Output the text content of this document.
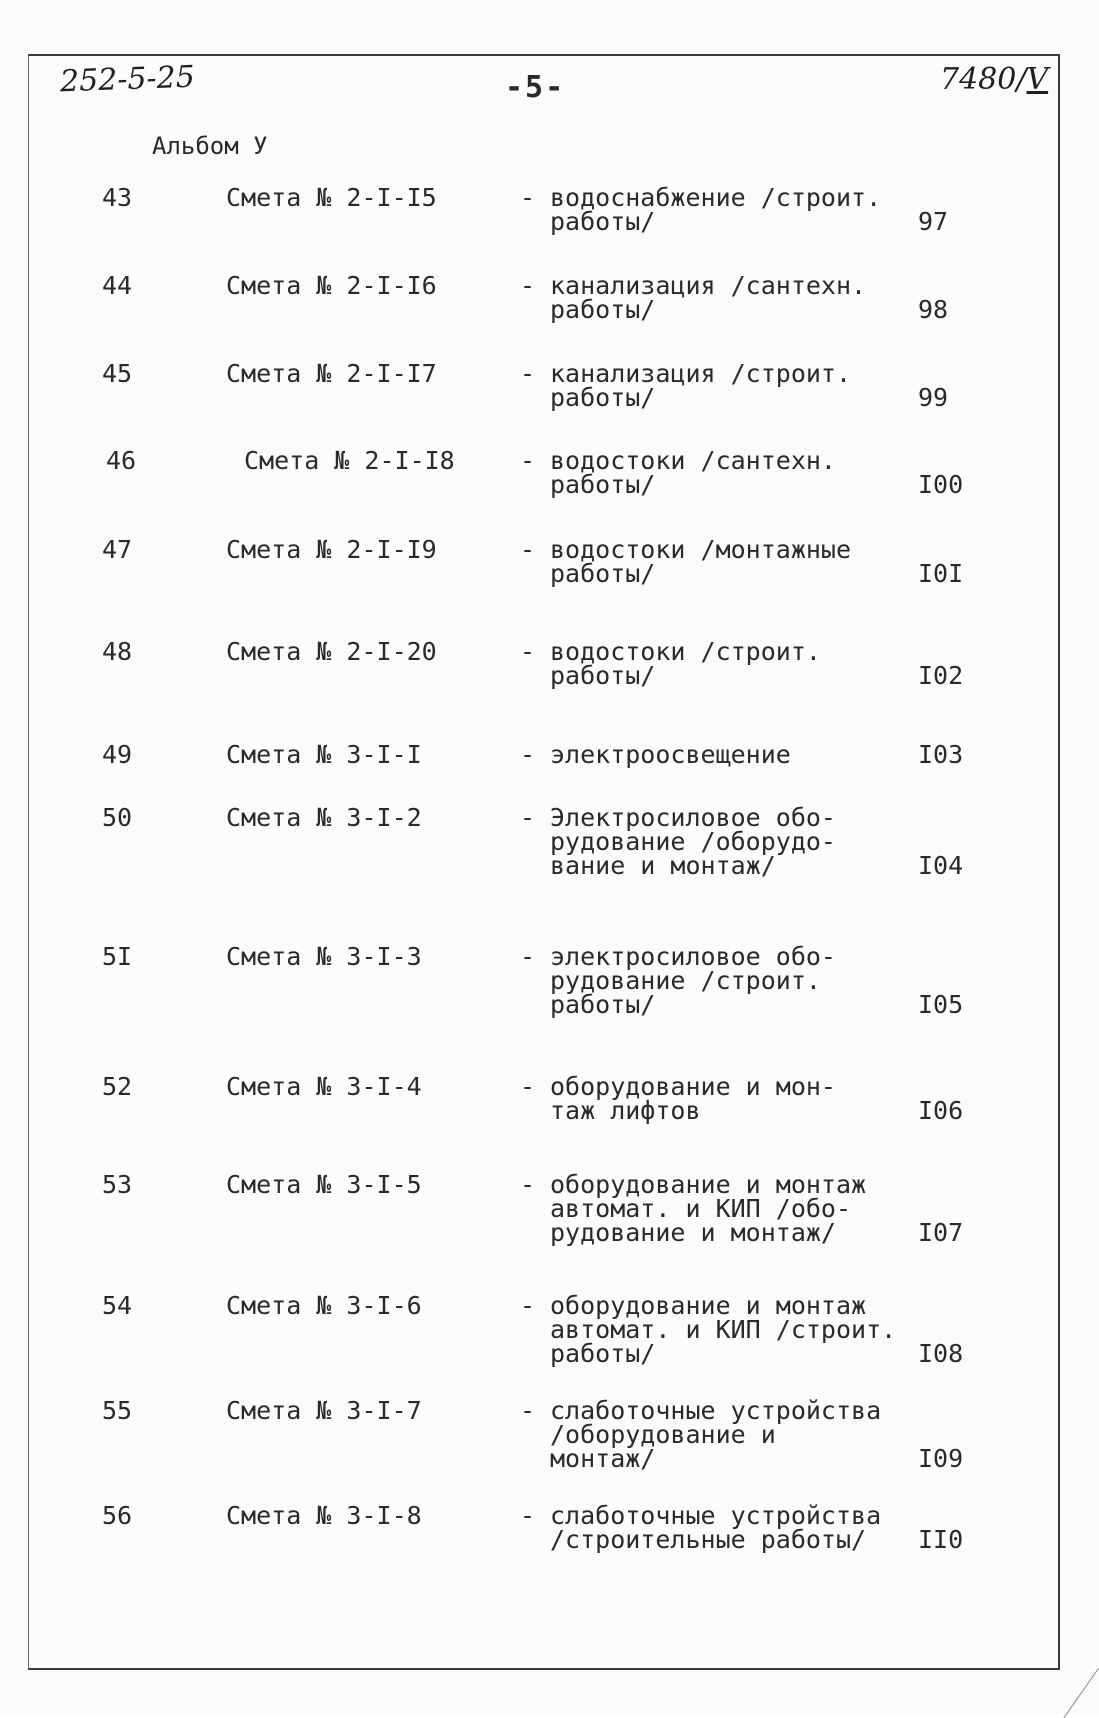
252-5-25	-5-	7480/V
Альбом У
43	Смета № 2-I-I5	- водоснабжение /строит.
работы/	97
44	Смета № 2-I-I6	- канализация /сантехн.
работы/	98
45	Смета № 2-I-I7	- канализация /строит.
работы/	99
46	Смета № 2-I-I8	- водостоки /сантехн.
работы/	I00
47	Смета № 2-I-I9	- водостоки /монтажные
работы/	I0I
48	Смета № 2-I-20	- водостоки /строит.
работы/	I02
49	Смета № 3-I-I	- электроосвещение	I03
50	Смета № 3-I-2	- Электросиловое обо-
рудование /оборудо-
вание и монтаж/	I04
5I	Смета № 3-I-3	- электросиловое обо-
рудование /строит.
работы/	I05
52	Смета № 3-I-4	- оборудование и мон-
таж лифтов	I06
53	Смета № 3-I-5	- оборудование и монтаж
автомат. и КИП /обо-
рудование и монтаж/	I07
54	Смета № 3-I-6	- оборудование и монтаж
автомат. и КИП /строит.
работы/	I08
55	Смета № 3-I-7	- слаботочные устройства
/оборудование и
монтаж/	I09
56	Смета № 3-I-8	- слаботочные устройства
/строительные работы/	II0
